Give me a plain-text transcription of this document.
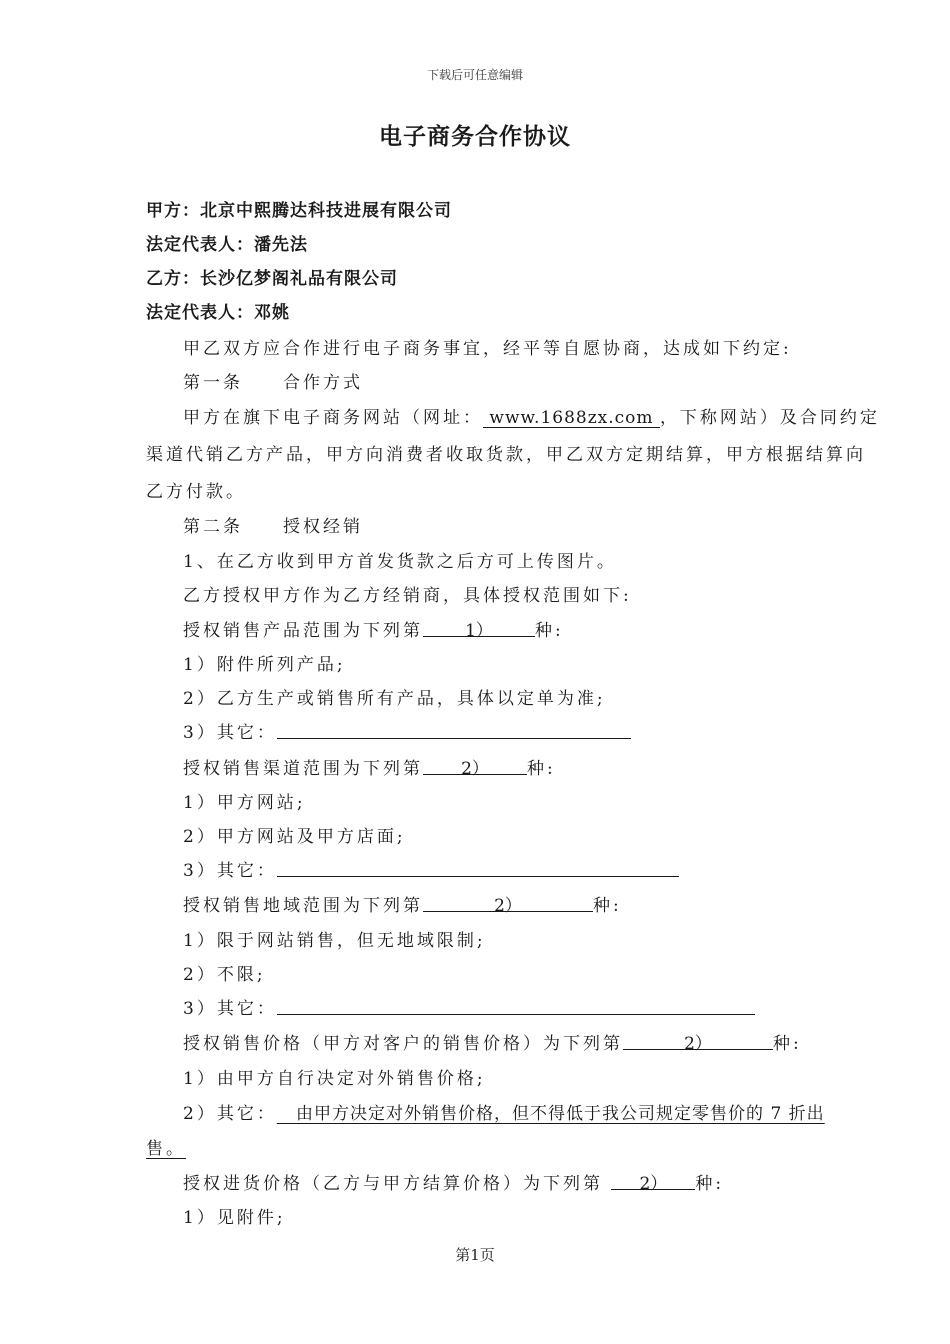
下载后可任意编辑
电子商务合作协议
甲方：北京中熙腾达科技进展有限公司
法定代表人：潘先法
乙方：长沙亿梦阁礼品有限公司
法定代表人：邓姚
甲乙双方应合作进行电子商务事宜，经平等自愿协商，达成如下约定:
第一条　　合作方式
甲方在旗下电子商务网站（网址： www.1688zx.com ，下称网站）及合同约定
渠道代销乙方产品，甲方向消费者收取货款，甲乙双方定期结算，甲方根据结算向
乙方付款。
第二条　　授权经销
1、在乙方收到甲方首发货款之后方可上传图片。
乙方授权甲方作为乙方经销商，具体授权范围如下:
授权销售产品范围为下列第 1） 种:
1）附件所列产品;
2）乙方生产或销售所有产品，具体以定单为准;
3）其它：
授权销售渠道范围为下列第 2） 种:
1）甲方网站;
2）甲方网站及甲方店面;
3）其它：
授权销售地域范围为下列第	2）	种:
1）限于网站销售，但无地域限制;
2）不限;
3）其它：
授权销售价格（甲方对客户的销售价格）为下列第	2）	种:
1）由甲方自行决定对外销售价格;
2）其它： 由甲方决定对外销售价格，但不得低于我公司规定零售价的 7 折出
售。
授权进货价格（乙方与甲方结算价格）为下列第 2） 种:
1）见附件;
第1页
